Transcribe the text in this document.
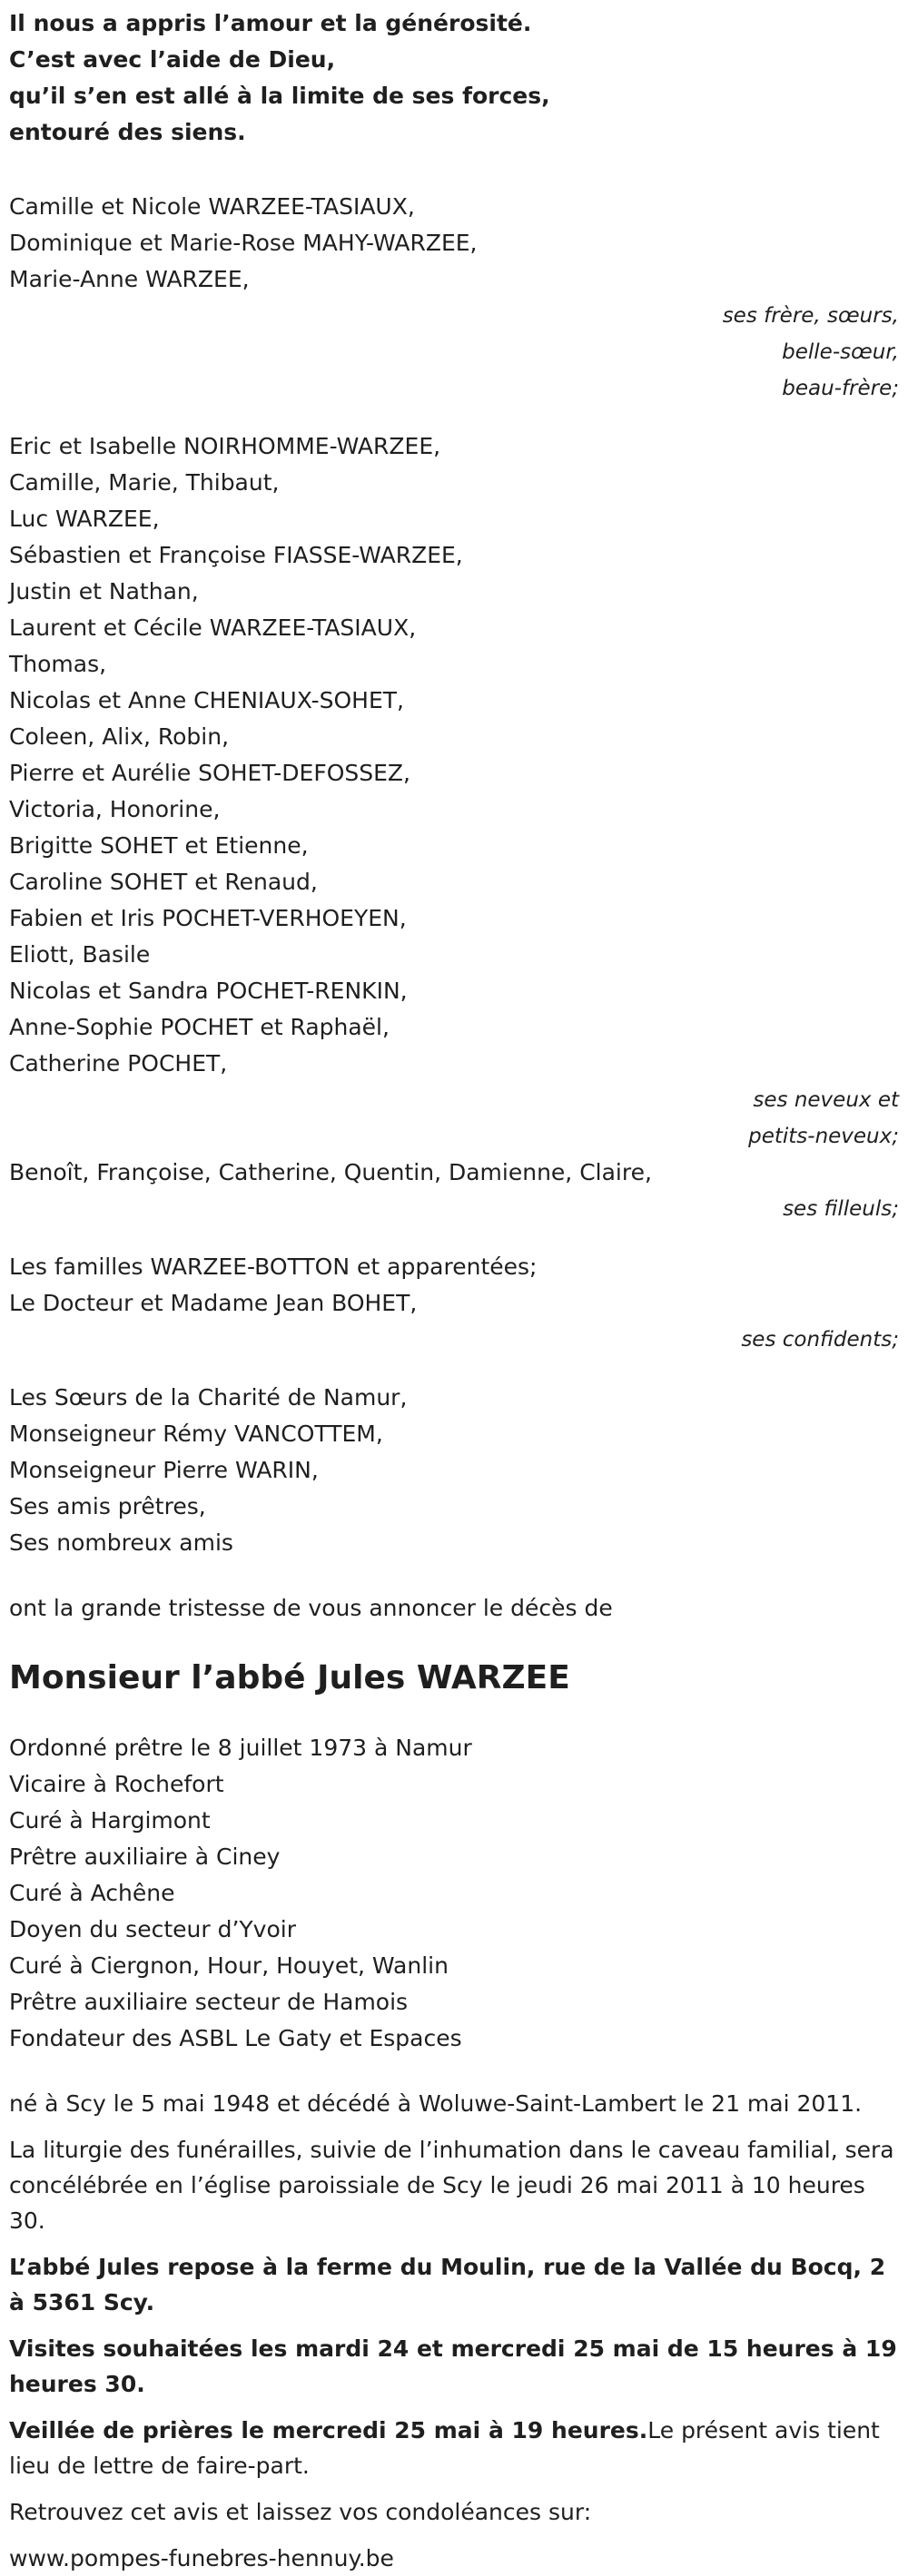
Il nous a appris l’amour et la générosité.
C’est avec l’aide de Dieu,
qu’il s’en est allé à la limite de ses forces,
entouré des siens.
Camille et Nicole WARZEE-TASIAUX,
Dominique et Marie-Rose MAHY-WARZEE,
Marie-Anne WARZEE,
ses frère, sœurs,
belle-sœur,
beau-frère;
Eric et Isabelle NOIRHOMME-WARZEE,
Camille, Marie, Thibaut,
Luc WARZEE,
Sébastien et Françoise FIASSE-WARZEE,
Justin et Nathan,
Laurent et Cécile WARZEE-TASIAUX,
Thomas,
Nicolas et Anne CHENIAUX-SOHET,
Coleen, Alix, Robin,
Pierre et Aurélie SOHET-DEFOSSEZ,
Victoria, Honorine,
Brigitte SOHET et Etienne,
Caroline SOHET et Renaud,
Fabien et Iris POCHET-VERHOEYEN,
Eliott, Basile
Nicolas et Sandra POCHET-RENKIN,
Anne-Sophie POCHET et Raphaël,
Catherine POCHET,
ses neveux et
petits-neveux;
Benoît, Françoise, Catherine, Quentin, Damienne, Claire,
ses filleuls;
Les familles WARZEE-BOTTON et apparentées;
Le Docteur et Madame Jean BOHET,
ses confidents;
Les Sœurs de la Charité de Namur,
Monseigneur Rémy VANCOTTEM,
Monseigneur Pierre WARIN,
Ses amis prêtres,
Ses nombreux amis
ont la grande tristesse de vous annoncer le décès de
Monsieur l’abbé Jules WARZEE
Ordonné prêtre le 8 juillet 1973 à Namur
Vicaire à Rochefort
Curé à Hargimont
Prêtre auxiliaire à Ciney
Curé à Achêne
Doyen du secteur d’Yvoir
Curé à Ciergnon, Hour, Houyet, Wanlin
Prêtre auxiliaire secteur de Hamois
Fondateur des ASBL Le Gaty et Espaces

né à Scy le 5 mai 1948 et décédé à Woluwe-Saint-Lambert le 21 mai 2011.

La liturgie des funérailles, suivie de l’inhumation dans le caveau familial, sera concélébrée en l’église paroissiale de Scy le jeudi 26 mai 2011 à 10 heures 30.

L’abbé Jules repose à la ferme du Moulin, rue de la Vallée du Bocq, 2 à 5361 Scy.

Visites souhaitées les mardi 24 et mercredi 25 mai de 15 heures à 19 heures 30.

Veillée de prières le mercredi 25 mai à 19 heures.Le présent avis tient lieu de lettre de faire-part.

Retrouvez cet avis et laissez vos condoléances sur:

www.pompes-funebres-hennuy.be
